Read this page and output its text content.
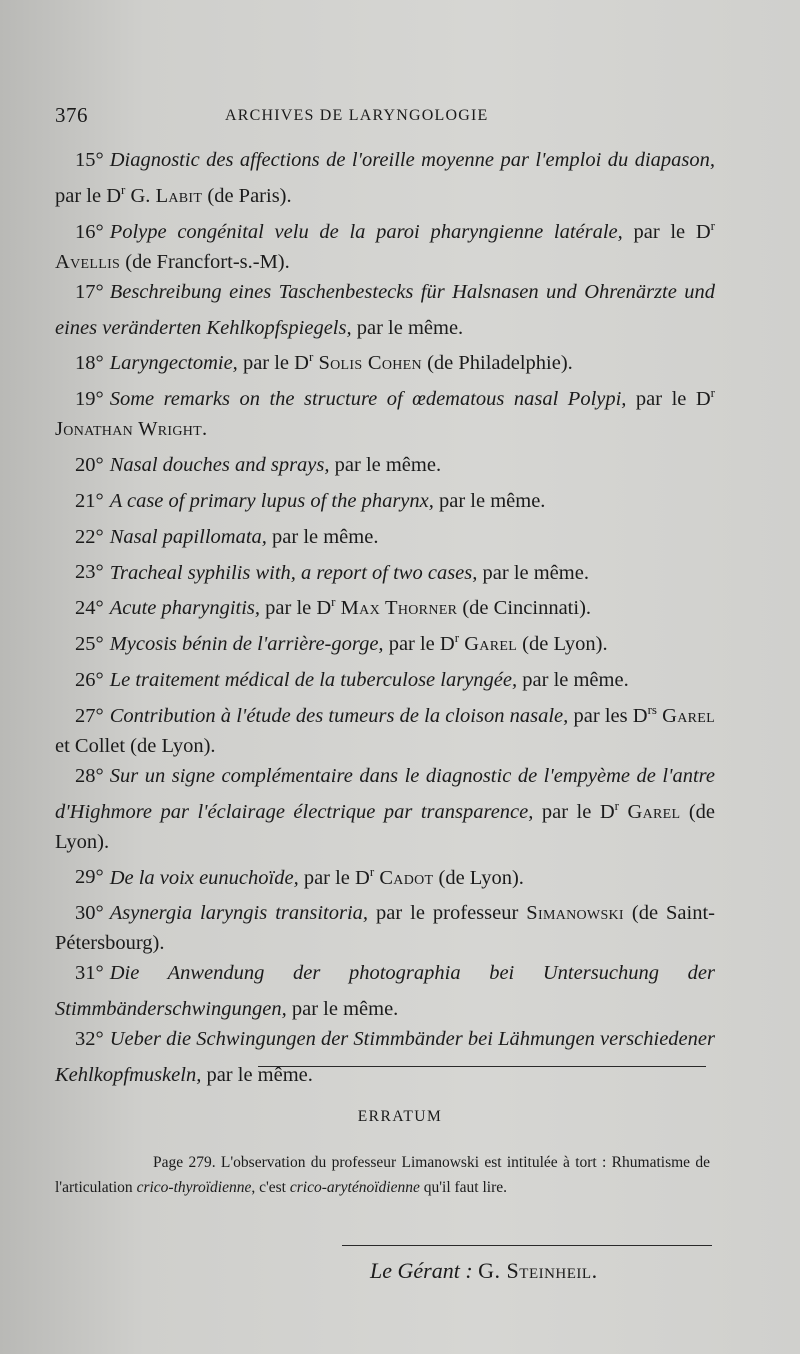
376	ARCHIVES DE LARYNGOLOGIE

15° Diagnostic des affections de l'oreille moyenne par l'emploi du diapason, par le $D^r$ G. Labit (de Paris).

16° Polype congénital velu de la paroi pharyngienne latérale, par le $D^r$ Avellis (de Francfort-s.-M).

17° Beschreibung eines Taschenbestecks für Halsnasen und Ohrenärzte und eines veränderten Kehlkopfspiegels, par le même.

18° Laryngectomie, par le $D^r$ Solis Cohen (de Philadelphie).

19° Some remarks on the structure of œdematous nasal Polypi, par le $D^r$ Jonathan Wright.

20° Nasal douches and sprays, par le même.

21° A case of primary lupus of the pharynx, par le même.

22° Nasal papillomata, par le même.

23° Tracheal syphilis with, a report of two cases, par le même.

24° Acute pharyngitis, par le $D^r$ Max Thorner (de Cincinnati).

25° Mycosis bénin de l'arrière-gorge, par le $D^r$ Garel (de Lyon).

26° Le traitement médical de la tuberculose laryngée, par le même.

27° Contribution à l'étude des tumeurs de la cloison nasale, par les $D^{rs}$ Garel et Collet (de Lyon).

28° Sur un signe complémentaire dans le diagnostic de l'empyème de l'antre d'Highmore par l'éclairage électrique par transparence, par le $D^r$ Garel (de Lyon).

29° De la voix eunuchoïde, par le $D^r$ Cadot (de Lyon).

30° Asynergia laryngis transitoria, par le professeur Simanowski (de Saint-Pétersbourg).

31° Die Anwendung der photographia bei Untersuchung der Stimmbänderschwingungen, par le même.

32° Ueber die Schwingungen der Stimmbänder bei Lähmungen verschiedener Kehlkopfmuskeln, par le même.

ERRATUM

Page 279. L'observation du professeur Limanowski est intitulée à tort : Rhumatisme de l'articulation crico-thyroïdienne, c'est crico-aryténoïdienne qu'il faut lire.

Le Gérant : G. Steinheil.
